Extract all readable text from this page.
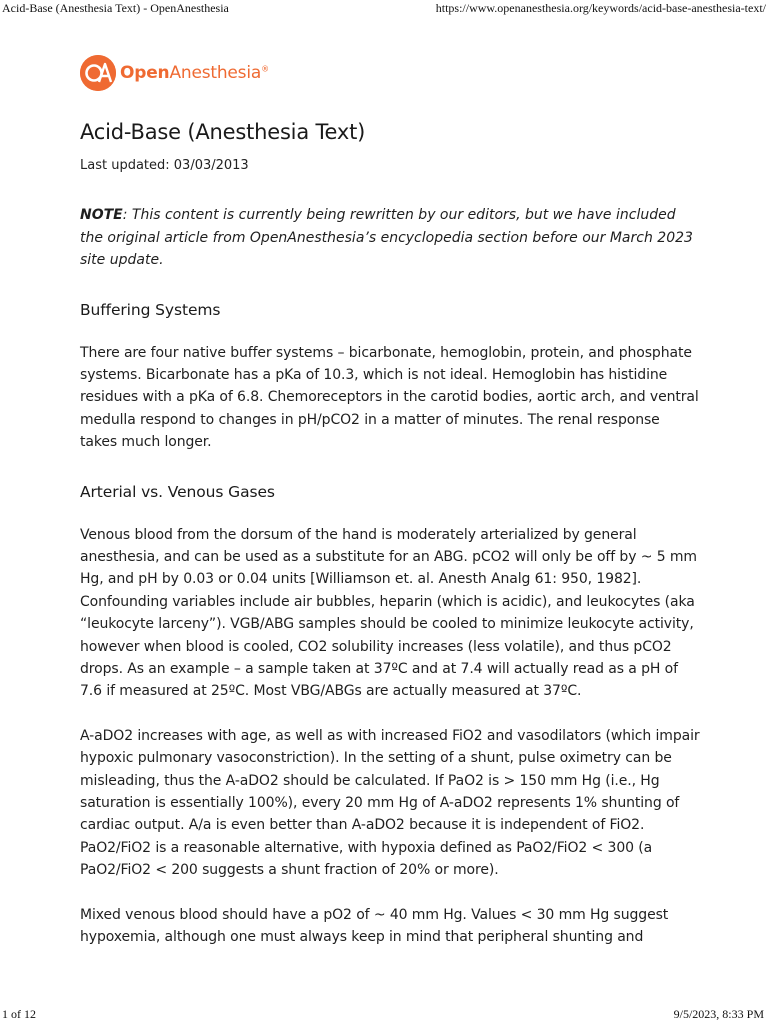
Acid-Base (Anesthesia Text) - OpenAnesthesia	https://www.openanesthesia.org/keywords/acid-base-anesthesia-text/
OpenAnesthesia®
Acid-Base (Anesthesia Text)
Last updated: 03/03/2013

NOTE: This content is currently being rewritten by our editors, but we have included the original article from OpenAnesthesia’s encyclopedia section before our March 2023 site update.

Buffering Systems

There are four native buffer systems – bicarbonate, hemoglobin, protein, and phosphate systems. Bicarbonate has a pKa of 10.3, which is not ideal. Hemoglobin has histidine residues with a pKa of 6.8. Chemoreceptors in the carotid bodies, aortic arch, and ventral medulla respond to changes in pH/pCO2 in a matter of minutes. The renal response takes much longer.

Arterial vs. Venous Gases

Venous blood from the dorsum of the hand is moderately arterialized by general anesthesia, and can be used as a substitute for an ABG. pCO2 will only be off by ~ 5 mm Hg, and pH by 0.03 or 0.04 units [Williamson et. al. Anesth Analg 61: 950, 1982]. Confounding variables include air bubbles, heparin (which is acidic), and leukocytes (aka “leukocyte larceny”). VGB/ABG samples should be cooled to minimize leukocyte activity, however when blood is cooled, CO2 solubility increases (less volatile), and thus pCO2 drops. As an example – a sample taken at 37ºC and at 7.4 will actually read as a pH of 7.6 if measured at 25ºC. Most VBG/ABGs are actually measured at 37ºC.

A-aDO2 increases with age, as well as with increased FiO2 and vasodilators (which impair hypoxic pulmonary vasoconstriction). In the setting of a shunt, pulse oximetry can be misleading, thus the A-aDO2 should be calculated. If PaO2 is > 150 mm Hg (i.e., Hg saturation is essentially 100%), every 20 mm Hg of A-aDO2 represents 1% shunting of cardiac output. A/a is even better than A-aDO2 because it is independent of FiO2. PaO2/FiO2 is a reasonable alternative, with hypoxia defined as PaO2/FiO2 < 300 (a PaO2/FiO2 < 200 suggests a shunt fraction of 20% or more).

Mixed venous blood should have a pO2 of ~ 40 mm Hg. Values < 30 mm Hg suggest hypoxemia, although one must always keep in mind that peripheral shunting and

1 of 12	9/5/2023, 8:33 PM
